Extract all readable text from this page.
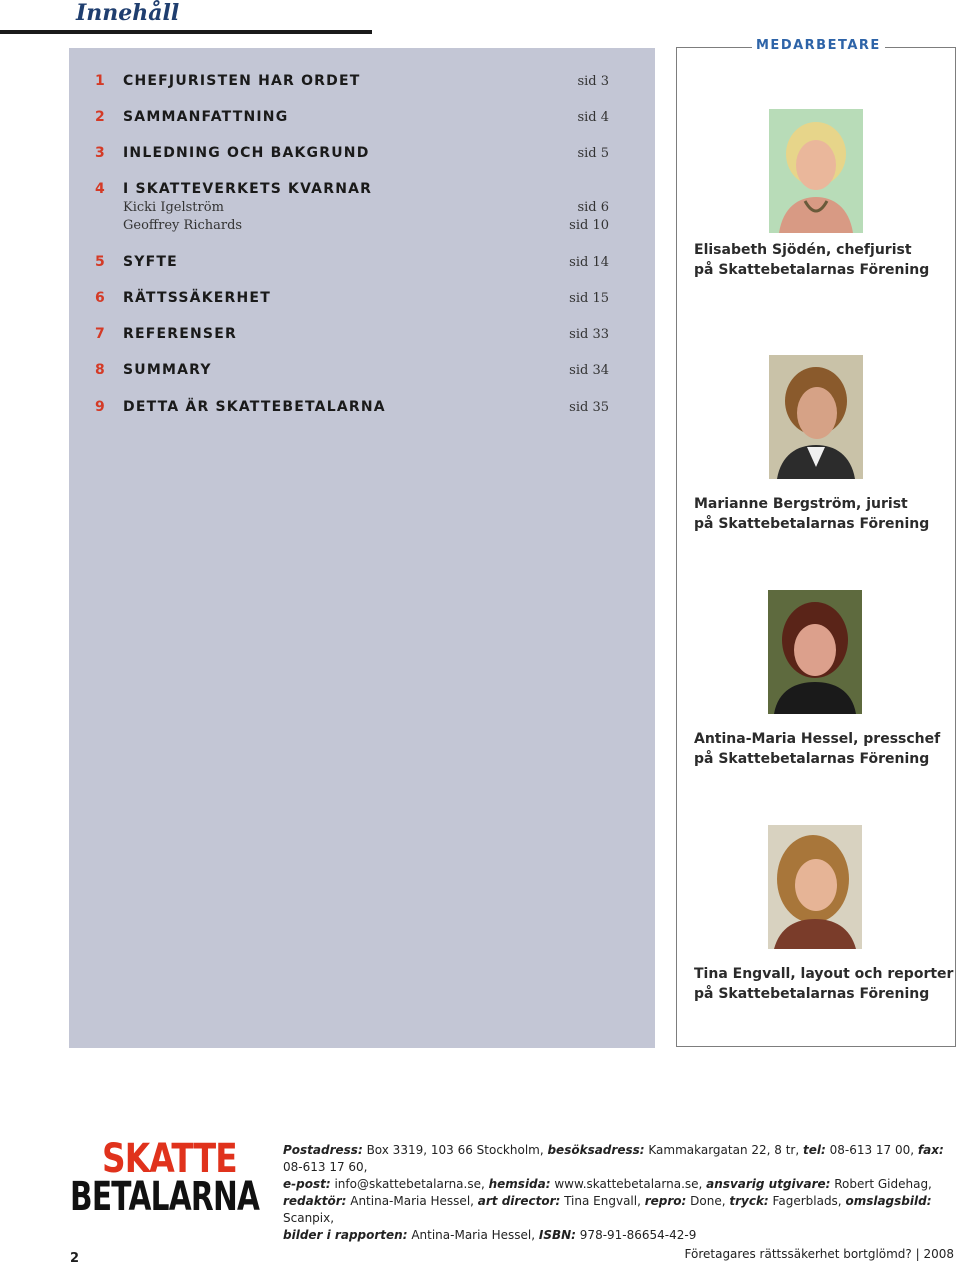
Innehåll
1	CHEFJURISTEN HAR ORDET	sid 3
2	SAMMANFATTNING	sid 4
3	INLEDNING OCH BAKGRUND	sid 5
4	I SKATTEVERKETS KVARNAR
Kicki Igelström	sid 6
Geoffrey Richards	sid 10
5	SYFTE	sid 14
6	RÄTTSSÄKERHET	sid 15
7	REFERENSER	sid 33
8	SUMMARY	sid 34
9	DETTA ÄR SKATTEBETALARNA	sid 35
MEDARBETARE
Elisabeth Sjödén, chefjurist
på Skattebetalarnas Förening
Marianne Bergström, jurist
på Skattebetalarnas Förening
Antina-Maria Hessel, presschef
på Skattebetalarnas Förening
Tina Engvall, layout och reporter
på Skattebetalarnas Förening
SKATTE
BETALARNA
Postadress: Box 3319, 103 66 Stockholm, besöksadress: Kammakargatan 22, 8 tr, tel: 08-613 17 00, fax: 08-613 17 60,
e-post: info@skattebetalarna.se, hemsida: www.skattebetalarna.se, ansvarig utgivare: Robert Gidehag,
redaktör: Antina-Maria Hessel, art director: Tina Engvall, repro: Done, tryck: Fagerblads, omslagsbild: Scanpix,
bilder i rapporten: Antina-Maria Hessel, ISBN: 978-91-86654-42-9
2	Företagares rättssäkerhet bortglömd? | 2008
